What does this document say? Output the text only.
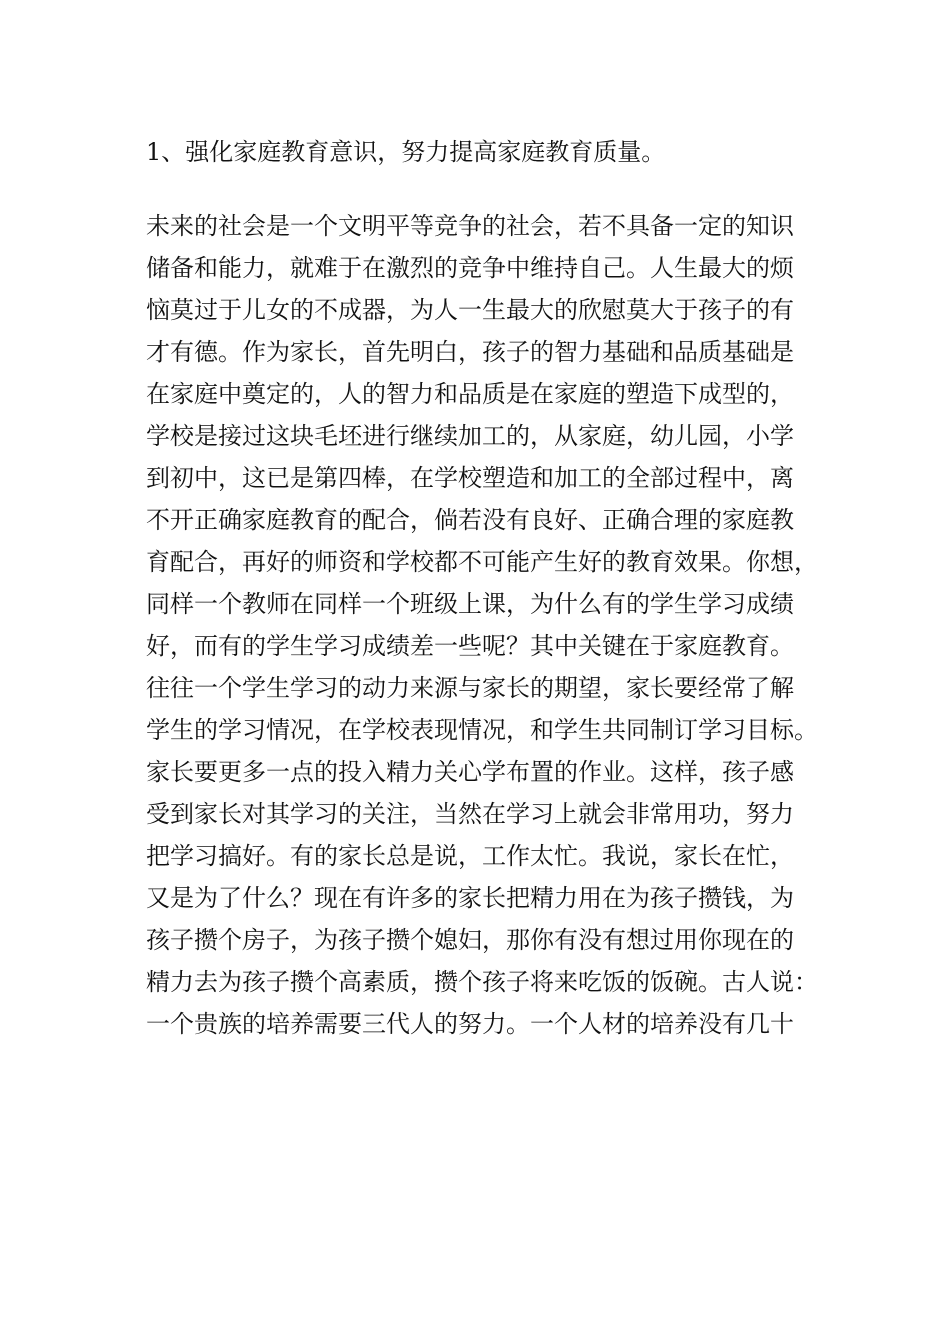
1、强化家庭教育意识，努力提高家庭教育质量。
未来的社会是一个文明平等竞争的社会，若不具备一定的知识
储备和能力，就难于在激烈的竞争中维持自己。人生最大的烦
恼莫过于儿女的不成器，为人一生最大的欣慰莫大于孩子的有
才有德。作为家长，首先明白，孩子的智力基础和品质基础是
在家庭中奠定的，人的智力和品质是在家庭的塑造下成型的，
学校是接过这块毛坯进行继续加工的，从家庭，幼儿园，小学
到初中，这已是第四棒，在学校塑造和加工的全部过程中，离
不开正确家庭教育的配合，倘若没有良好、正确合理的家庭教
育配合，再好的师资和学校都不可能产生好的教育效果。你想，
同样一个教师在同样一个班级上课，为什么有的学生学习成绩
好，而有的学生学习成绩差一些呢？其中关键在于家庭教育。
往往一个学生学习的动力来源与家长的期望，家长要经常了解
学生的学习情况，在学校表现情况，和学生共同制订学习目标。
家长要更多一点的投入精力关心学布置的作业。这样，孩子感
受到家长对其学习的关注，当然在学习上就会非常用功，努力
把学习搞好。有的家长总是说，工作太忙。我说，家长在忙，
又是为了什么？现在有许多的家长把精力用在为孩子攒钱，为
孩子攒个房子，为孩子攒个媳妇，那你有没有想过用你现在的
精力去为孩子攒个高素质，攒个孩子将来吃饭的饭碗。古人说：
一个贵族的培养需要三代人的努力。一个人材的培养没有几十
